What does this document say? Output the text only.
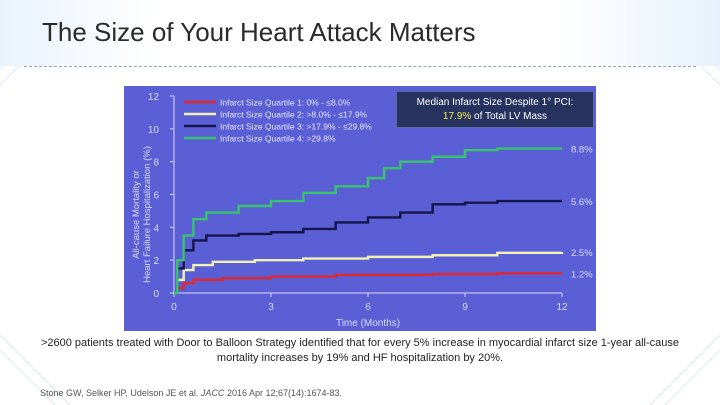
The Size of Your Heart Attack Matters
0
2
4
6
8
10
12
0	3	6	9	12
Time (Months)
All-cause Mortality or Heart Failure Hospitalization (%)	1.2%
2.5%
5.6%
8.8%
Infarct Size Quartile 1: 0% - ≤8.0%
Infarct Size Quartile 2: >8.0% - ≤17.9%
Infarct Size Quartile 3: >17.9% - ≤29.8%
Infarct Size Quartile 4: >29.8%
Median Infarct Size Despite 1° PCI:
17.9% of Total LV Mass
>2600 patients treated with Door to Balloon Strategy identified that for every 5% increase in myocardial infarct size 1-year all-cause mortality increases by 19% and HF hospitalization by 20%.
Stone GW, Selker HP, Udelson JE et al. JACC 2016 Apr 12;67(14):1674-83.
